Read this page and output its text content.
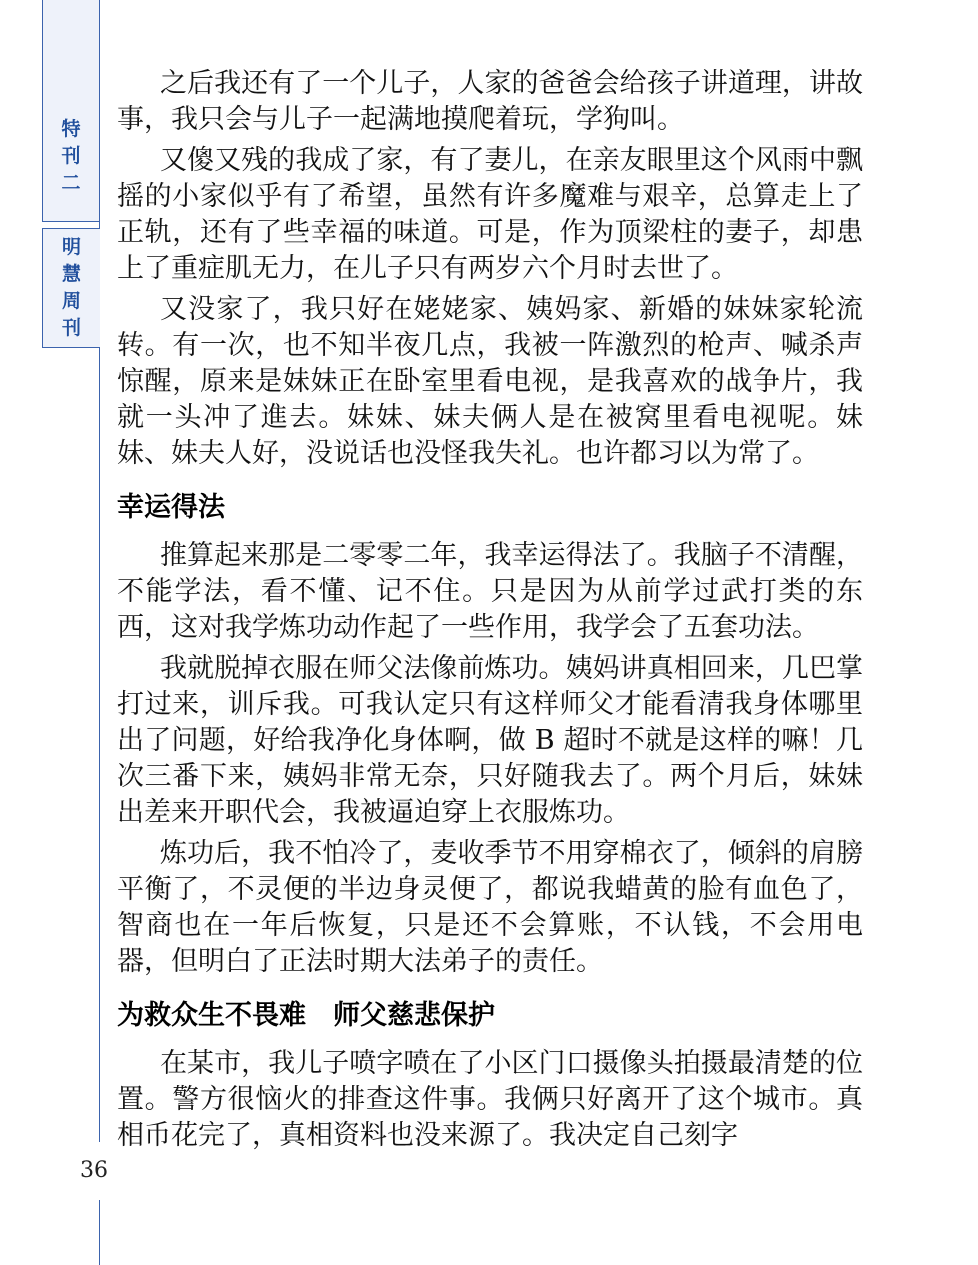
特
刊
二
明
慧
周
刊
36

之后我还有了一个儿子，人家的爸爸会给孩子讲道理，讲故事，我只会与儿子一起满地摸爬着玩，学狗叫。

又傻又残的我成了家，有了妻儿，在亲友眼里这个风雨中飘摇的小家似乎有了希望，虽然有许多魔难与艰辛，总算走上了正轨，还有了些幸福的味道。可是，作为顶梁柱的妻子，却患上了重症肌无力，在儿子只有两岁六个月时去世了。

又没家了，我只好在姥姥家、姨妈家、新婚的妹妹家轮流转。有一次，也不知半夜几点，我被一阵激烈的枪声、喊杀声惊醒，原来是妹妹正在卧室里看电视，是我喜欢的战争片，我就一头冲了進去。妹妹、妹夫俩人是在被窝里看电视呢。妹妹、妹夫人好，没说话也没怪我失礼。也许都习以为常了。

幸运得法

推算起来那是二零零二年，我幸运得法了。我脑子不清醒，不能学法，看不懂、记不住。只是因为从前学过武打类的东西，这对我学炼功动作起了一些作用，我学会了五套功法。

我就脱掉衣服在师父法像前炼功。姨妈讲真相回来，几巴掌打过来，训斥我。可我认定只有这样师父才能看清我身体哪里出了问题，好给我净化身体啊，做 B 超时不就是这样的嘛！几次三番下来，姨妈非常无奈，只好随我去了。两个月后，妹妹出差来开职代会，我被逼迫穿上衣服炼功。

炼功后，我不怕冷了，麦收季节不用穿棉衣了，倾斜的肩膀平衡了，不灵便的半边身灵便了，都说我蜡黄的脸有血色了，智商也在一年后恢复，只是还不会算账，不认钱，不会用电器，但明白了正法时期大法弟子的责任。

为救众生不畏难　师父慈悲保护

在某市，我儿子喷字喷在了小区门口摄像头拍摄最清楚的位置。警方很恼火的排查这件事。我俩只好离开了这个城市。真相币花完了，真相资料也没来源了。我决定自己刻字
